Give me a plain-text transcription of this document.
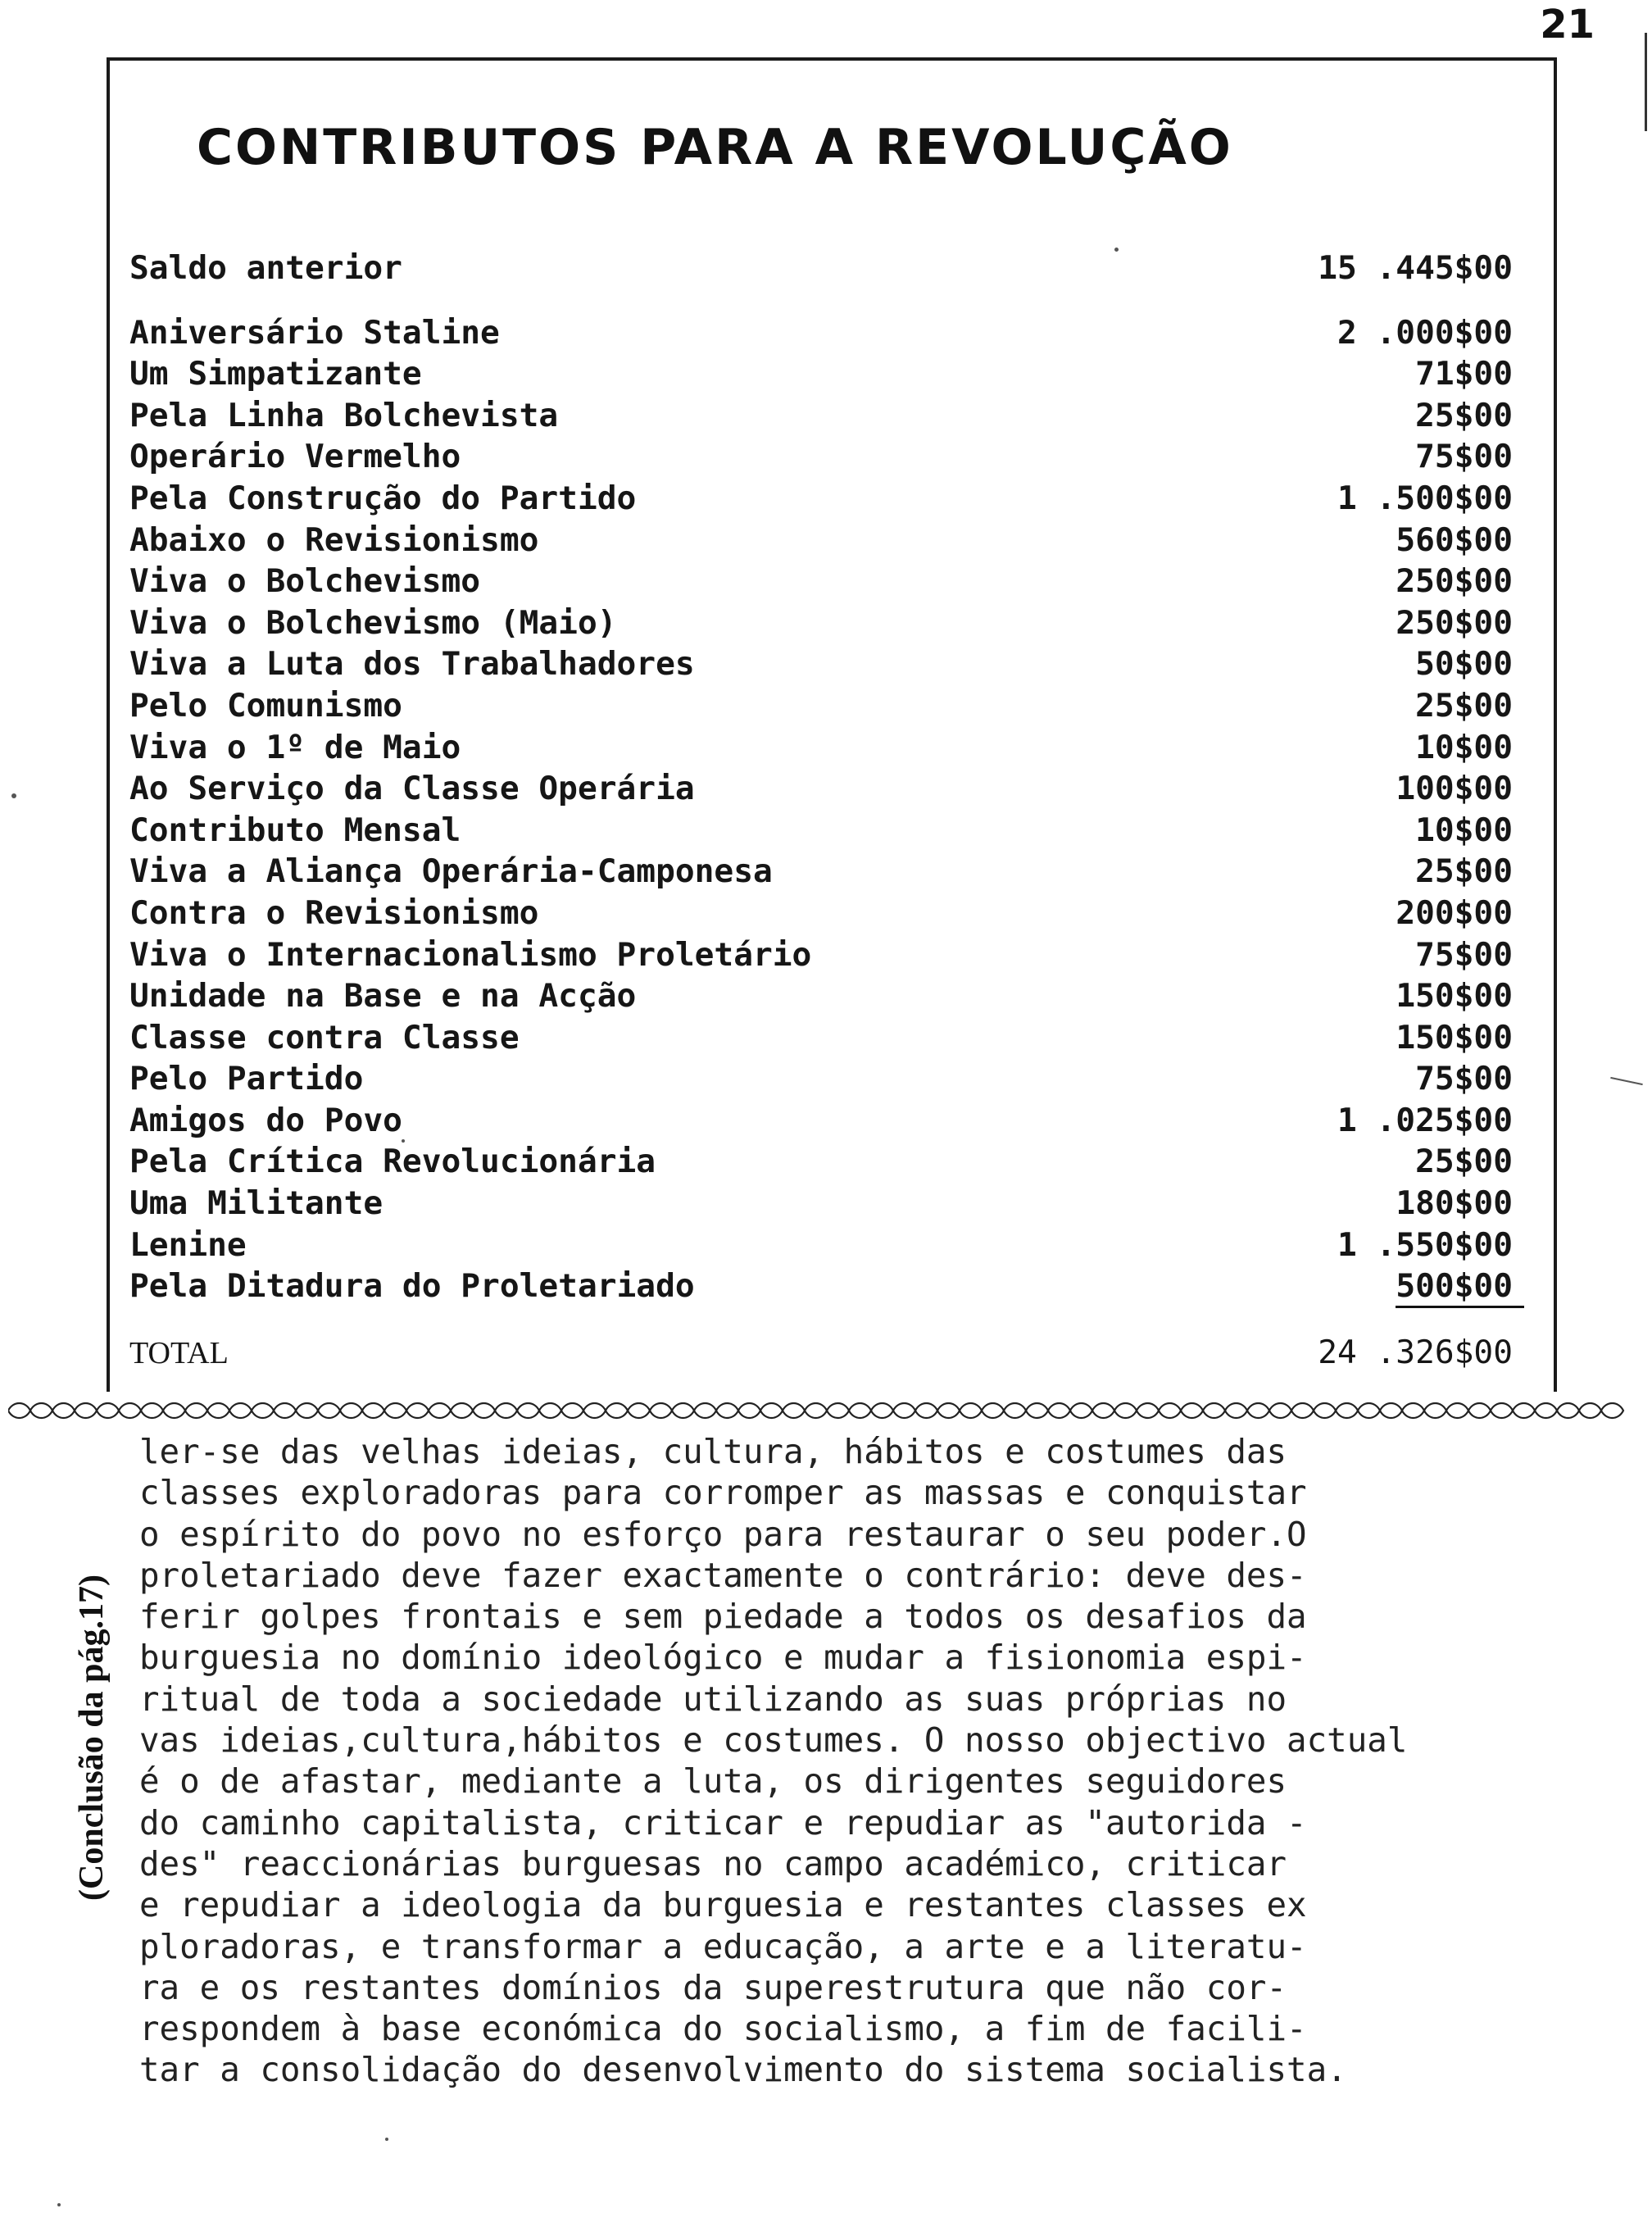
21
CONTRIBUTOS PARA A REVOLUÇÃO
Saldo anterior	15 .445$00
Aniversário Staline	2 .000$00
Um Simpatizante	71$00
Pela Linha Bolchevista	25$00
Operário Vermelho	75$00
Pela Construção do Partido	1 .500$00
Abaixo o Revisionismo	560$00
Viva o Bolchevismo	250$00
Viva o Bolchevismo (Maio)	250$00
Viva a Luta dos Trabalhadores	50$00
Pelo Comunismo	25$00
Viva o 1º de Maio	10$00
Ao Serviço da Classe Operária	100$00
Contributo Mensal	10$00
Viva a Aliança Operária-Camponesa	25$00
Contra o Revisionismo	200$00
Viva o Internacionalismo Proletário	75$00
Unidade na Base e na Acção	150$00
Classe contra Classe	150$00
Pelo Partido	75$00
Amigos do Povo	1 .025$00
Pela Crítica Revolucionária	25$00
Uma Militante	180$00
Lenine	1 .550$00
Pela Ditadura do Proletariado	500$00
TOTAL	24 .326$00
(Conclusão da pág.17)
ler-se das velhas ideias, cultura, hábitos e costumes das
classes exploradoras para corromper as massas e conquistar
o espírito do povo no esforço para restaurar o seu poder.O
proletariado deve fazer exactamente o contrário: deve des-
ferir golpes frontais e sem piedade a todos os desafios da
burguesia no domínio ideológico e mudar a fisionomia espi-
ritual de toda a sociedade utilizando as suas próprias no
vas ideias,cultura,hábitos e costumes. O nosso objectivo actual
é o de afastar, mediante a luta, os dirigentes seguidores
do caminho capitalista, criticar e repudiar as "autorida -
des" reaccionárias burguesas no campo académico, criticar
e repudiar a ideologia da burguesia e restantes classes ex
ploradoras, e transformar a educação, a arte e a literatu-
ra e os restantes domínios da superestrutura que não cor-
respondem à base económica do socialismo, a fim de facili-
tar a consolidação do desenvolvimento do sistema socialista.
